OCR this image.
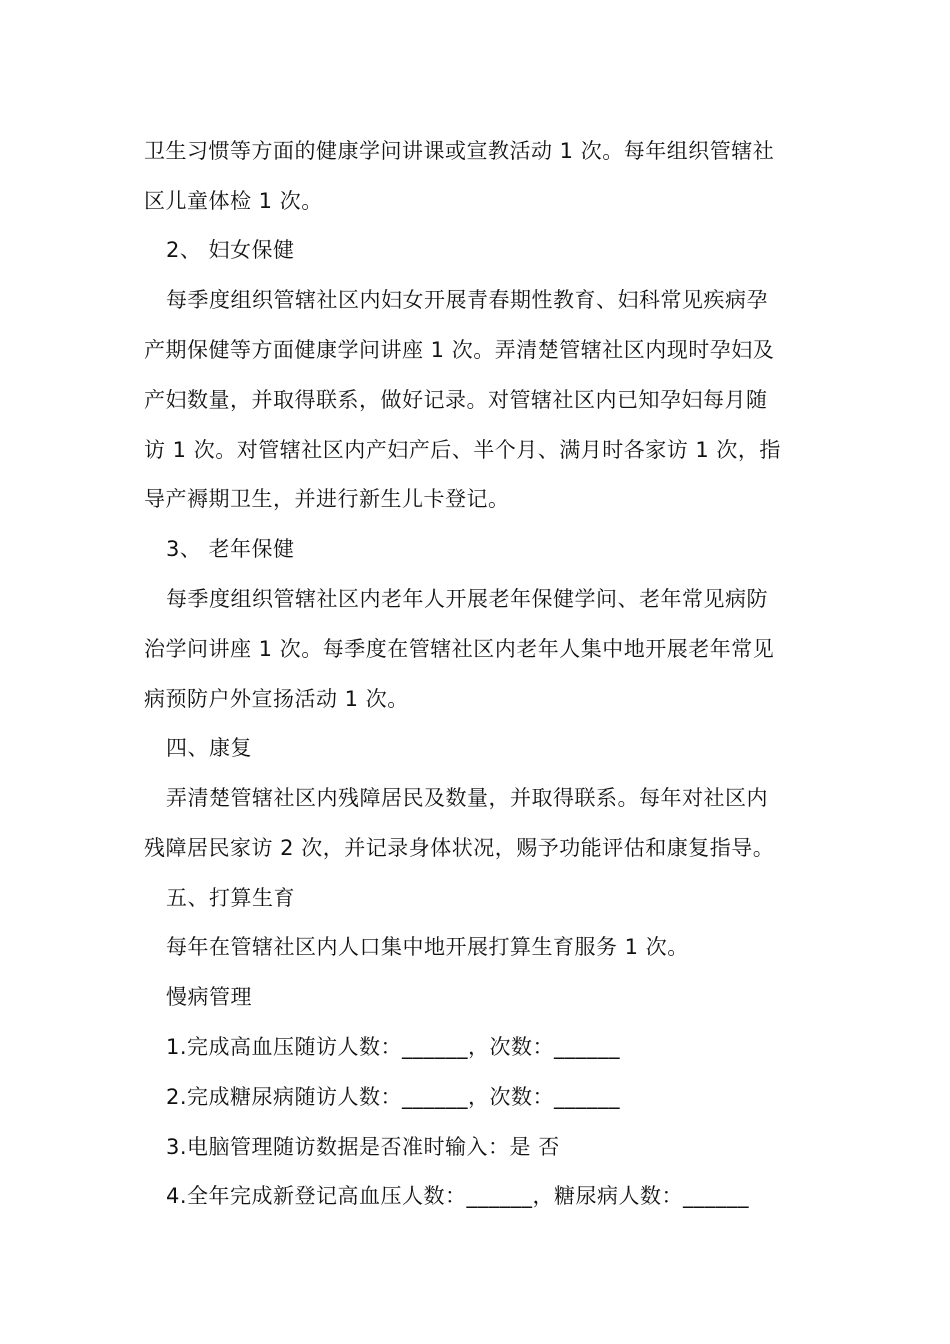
卫生习惯等方面的健康学问讲课或宣教活动 1 次。每年组织管辖社
区儿童体检 1 次。
2、 妇女保健
每季度组织管辖社区内妇女开展青春期性教育、妇科常见疾病孕
产期保健等方面健康学问讲座 1 次。弄清楚管辖社区内现时孕妇及
产妇数量，并取得联系，做好记录。对管辖社区内已知孕妇每月随
访 1 次。对管辖社区内产妇产后、半个月、满月时各家访 1 次，指
导产褥期卫生，并进行新生儿卡登记。
3、 老年保健
每季度组织管辖社区内老年人开展老年保健学问、老年常见病防
治学问讲座 1 次。每季度在管辖社区内老年人集中地开展老年常见
病预防户外宣扬活动 1 次。
四、康复
弄清楚管辖社区内残障居民及数量，并取得联系。每年对社区内
残障居民家访 2 次，并记录身体状况，赐予功能评估和康复指导。
五、打算生育
每年在管辖社区内人口集中地开展打算生育服务 1 次。
慢病管理
1.完成高血压随访人数：______，次数：______
2.完成糖尿病随访人数：______，次数：______
3.电脑管理随访数据是否准时输入：是 否
4.全年完成新登记高血压人数：______，糖尿病人数：______
